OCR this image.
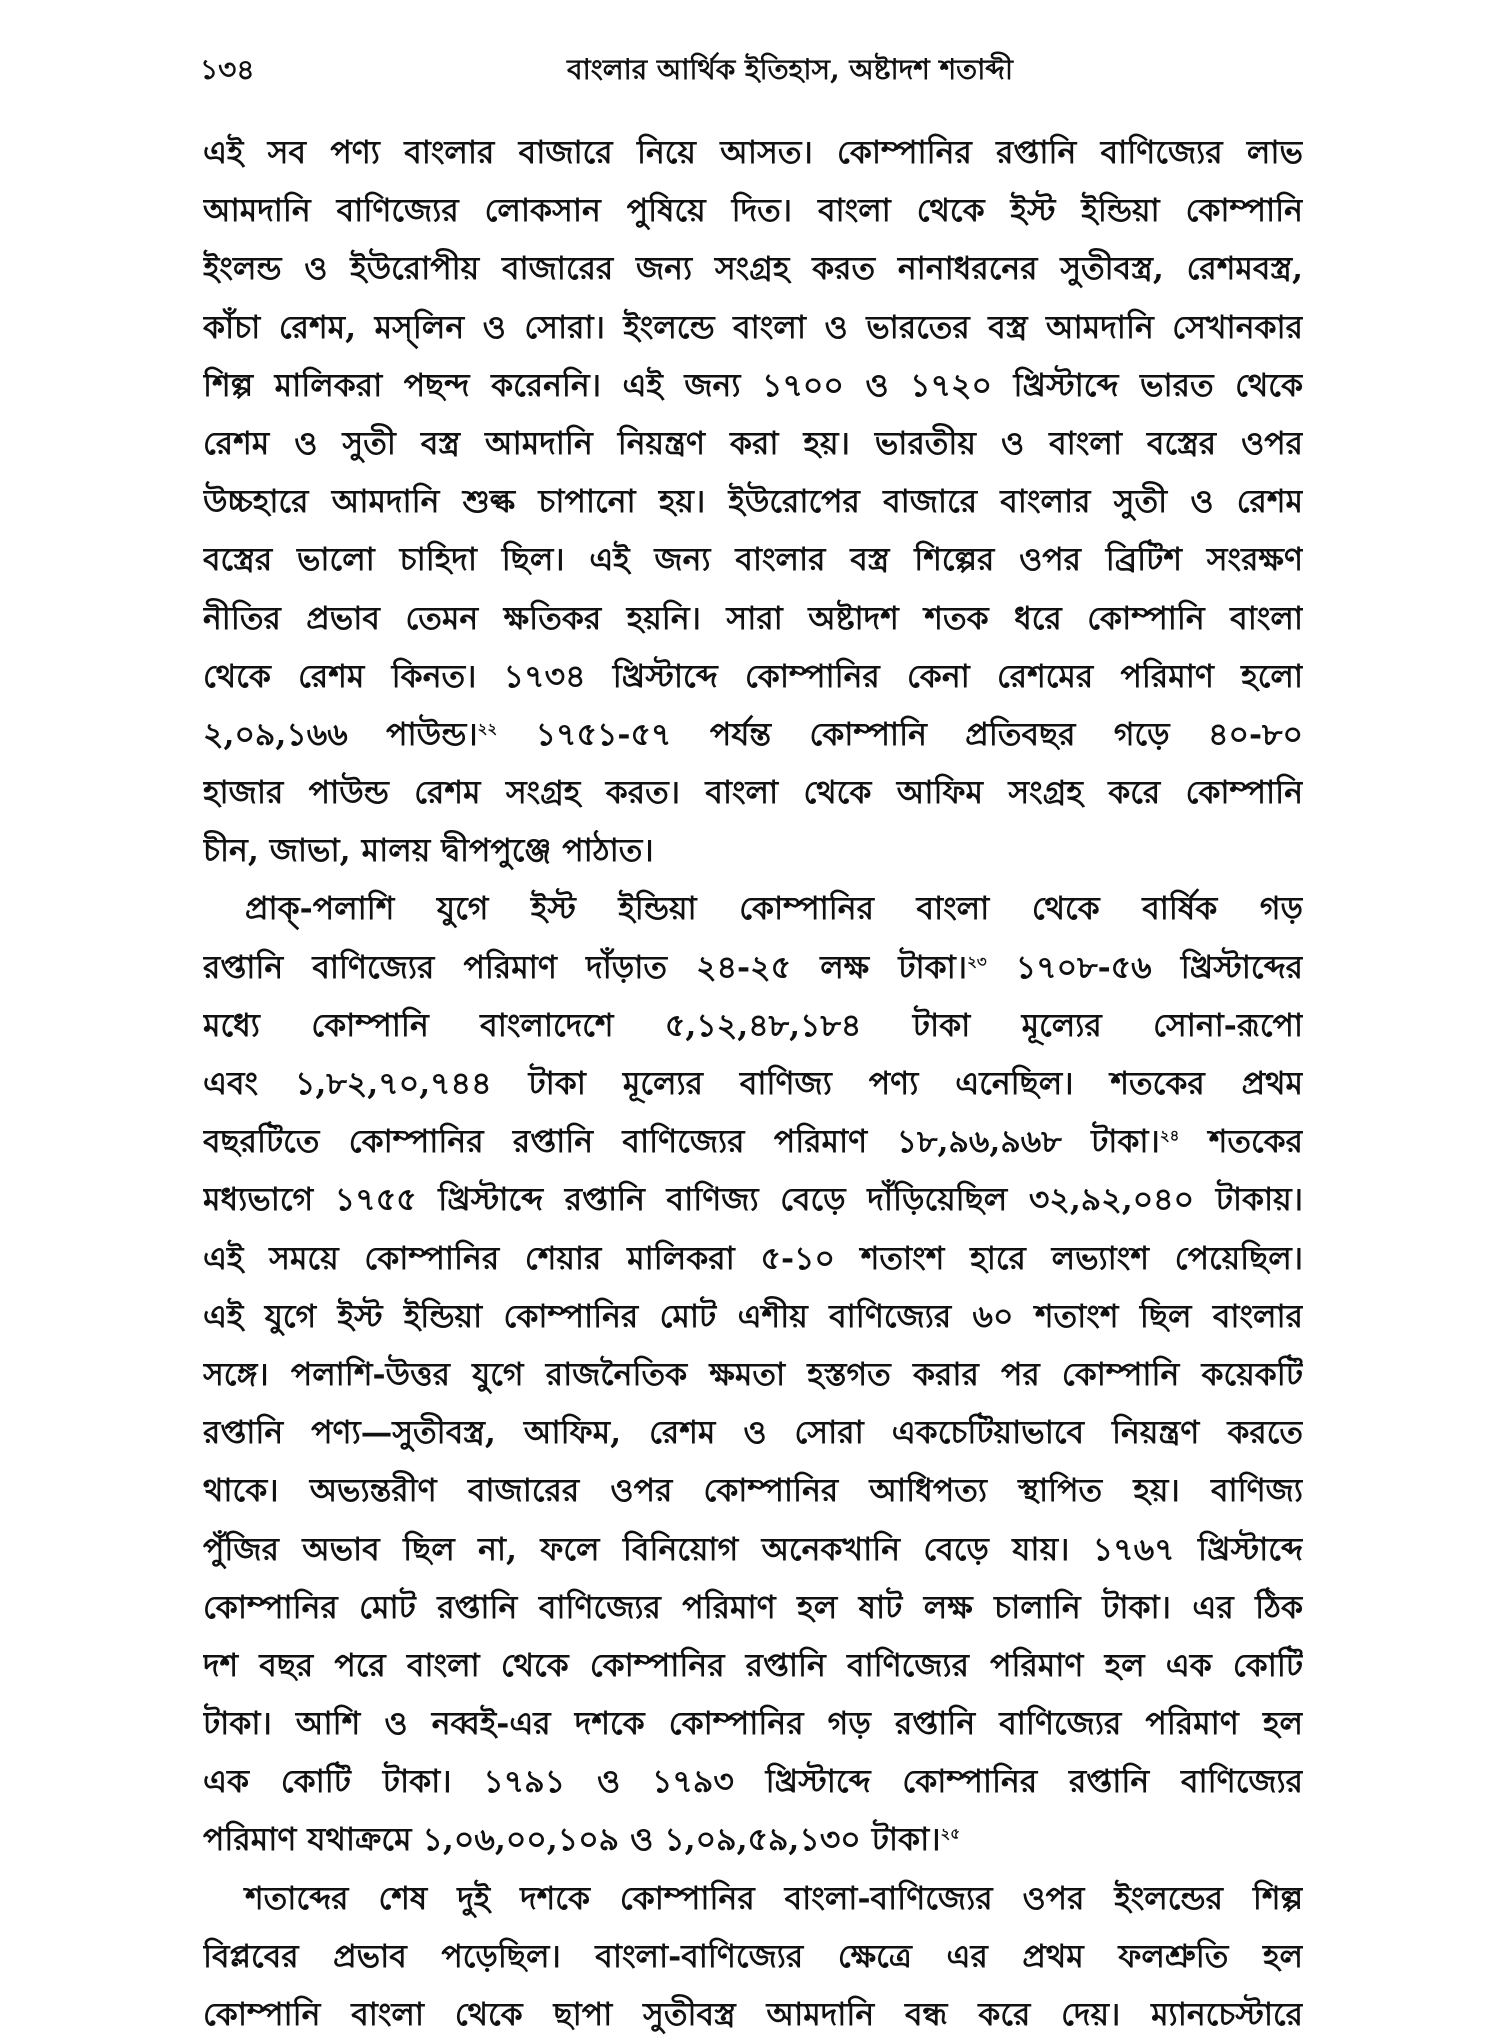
১৩৪	বাংলার আর্থিক ইতিহাস, অষ্টাদশ শতাব্দী
এই সব পণ্য বাংলার বাজারে নিয়ে আসত। কোম্পানির রপ্তানি বাণিজ্যের লাভ
আমদানি বাণিজ্যের লোকসান পুষিয়ে দিত। বাংলা থেকে ইস্ট ইন্ডিয়া কোম্পানি
ইংলন্ড ও ইউরোপীয় বাজারের জন্য সংগ্রহ করত নানাধরনের সুতীবস্ত্র, রেশমবস্ত্র,
কাঁচা রেশম, মস্‌লিন ও সোরা। ইংলন্ডে বাংলা ও ভারতের বস্ত্র আমদানি সেখানকার
শিল্প মালিকরা পছন্দ করেননি। এই জন্য ১৭০০ ও ১৭২০ খ্রিস্টাব্দে ভারত থেকে
রেশম ও সুতী বস্ত্র আমদানি নিয়ন্ত্রণ করা হয়। ভারতীয় ও বাংলা বস্ত্রের ওপর
উচ্চহারে আমদানি শুল্ক চাপানো হয়। ইউরোপের বাজারে বাংলার সুতী ও রেশম
বস্ত্রের ভালো চাহিদা ছিল। এই জন্য বাংলার বস্ত্র শিল্পের ওপর ব্রিটিশ সংরক্ষণ
নীতির প্রভাব তেমন ক্ষতিকর হয়নি। সারা অষ্টাদশ শতক ধরে কোম্পানি বাংলা
থেকে রেশম কিনত। ১৭৩৪ খ্রিস্টাব্দে কোম্পানির কেনা রেশমের পরিমাণ হলো
২,০৯,১৬৬ পাউন্ড।$^{২২}$ ১৭৫১-৫৭ পর্যন্ত কোম্পানি প্রতিবছর গড়ে ৪০-৮০
হাজার পাউন্ড রেশম সংগ্রহ করত। বাংলা থেকে আফিম সংগ্রহ করে কোম্পানি
চীন, জাভা, মালয় দ্বীপপুঞ্জে পাঠাত।
প্রাক্‌-পলাশি যুগে ইস্ট ইন্ডিয়া কোম্পানির বাংলা থেকে বার্ষিক গড়
রপ্তানি বাণিজ্যের পরিমাণ দাঁড়াত ২৪-২৫ লক্ষ টাকা।$^{২৩}$ ১৭০৮-৫৬ খ্রিস্টাব্দের
মধ্যে কোম্পানি বাংলাদেশে ৫,১২,৪৮,১৮৪ টাকা মূল্যের সোনা-রূপো
এবং ১,৮২,৭০,৭৪৪ টাকা মূল্যের বাণিজ্য পণ্য এনেছিল। শতকের প্রথম
বছরটিতে কোম্পানির রপ্তানি বাণিজ্যের পরিমাণ ১৮,৯৬,৯৬৮ টাকা।$^{২৪}$ শতকের
মধ্যভাগে ১৭৫৫ খ্রিস্টাব্দে রপ্তানি বাণিজ্য বেড়ে দাঁড়িয়েছিল ৩২,৯২,০৪০ টাকায়।
এই সময়ে কোম্পানির শেয়ার মালিকরা ৫-১০ শতাংশ হারে লভ্যাংশ পেয়েছিল।
এই যুগে ইস্ট ইন্ডিয়া কোম্পানির মোট এশীয় বাণিজ্যের ৬০ শতাংশ ছিল বাংলার
সঙ্গে। পলাশি-উত্তর যুগে রাজনৈতিক ক্ষমতা হস্তগত করার পর কোম্পানি কয়েকটি
রপ্তানি পণ্য—সুতীবস্ত্র, আফিম, রেশম ও সোরা একচেটিয়াভাবে নিয়ন্ত্রণ করতে
থাকে। অভ্যন্তরীণ বাজারের ওপর কোম্পানির আধিপত্য স্থাপিত হয়। বাণিজ্য
পুঁজির অভাব ছিল না, ফলে বিনিয়োগ অনেকখানি বেড়ে যায়। ১৭৬৭ খ্রিস্টাব্দে
কোম্পানির মোট রপ্তানি বাণিজ্যের পরিমাণ হল ষাট লক্ষ চালানি টাকা। এর ঠিক
দশ বছর পরে বাংলা থেকে কোম্পানির রপ্তানি বাণিজ্যের পরিমাণ হল এক কোটি
টাকা। আশি ও নব্বই-এর দশকে কোম্পানির গড় রপ্তানি বাণিজ্যের পরিমাণ হল
এক কোটি টাকা। ১৭৯১ ও ১৭৯৩ খ্রিস্টাব্দে কোম্পানির রপ্তানি বাণিজ্যের
পরিমাণ যথাক্রমে ১,০৬,০০,১০৯ ও ১,০৯,৫৯,১৩০ টাকা।$^{২৫}$
শতাব্দের শেষ দুই দশকে কোম্পানির বাংলা-বাণিজ্যের ওপর ইংলন্ডের শিল্প
বিপ্লবের প্রভাব পড়েছিল। বাংলা-বাণিজ্যের ক্ষেত্রে এর প্রথম ফলশ্রুতি হল
কোম্পানি বাংলা থেকে ছাপা সুতীবস্ত্র আমদানি বন্ধ করে দেয়। ম্যানচেস্টারে
